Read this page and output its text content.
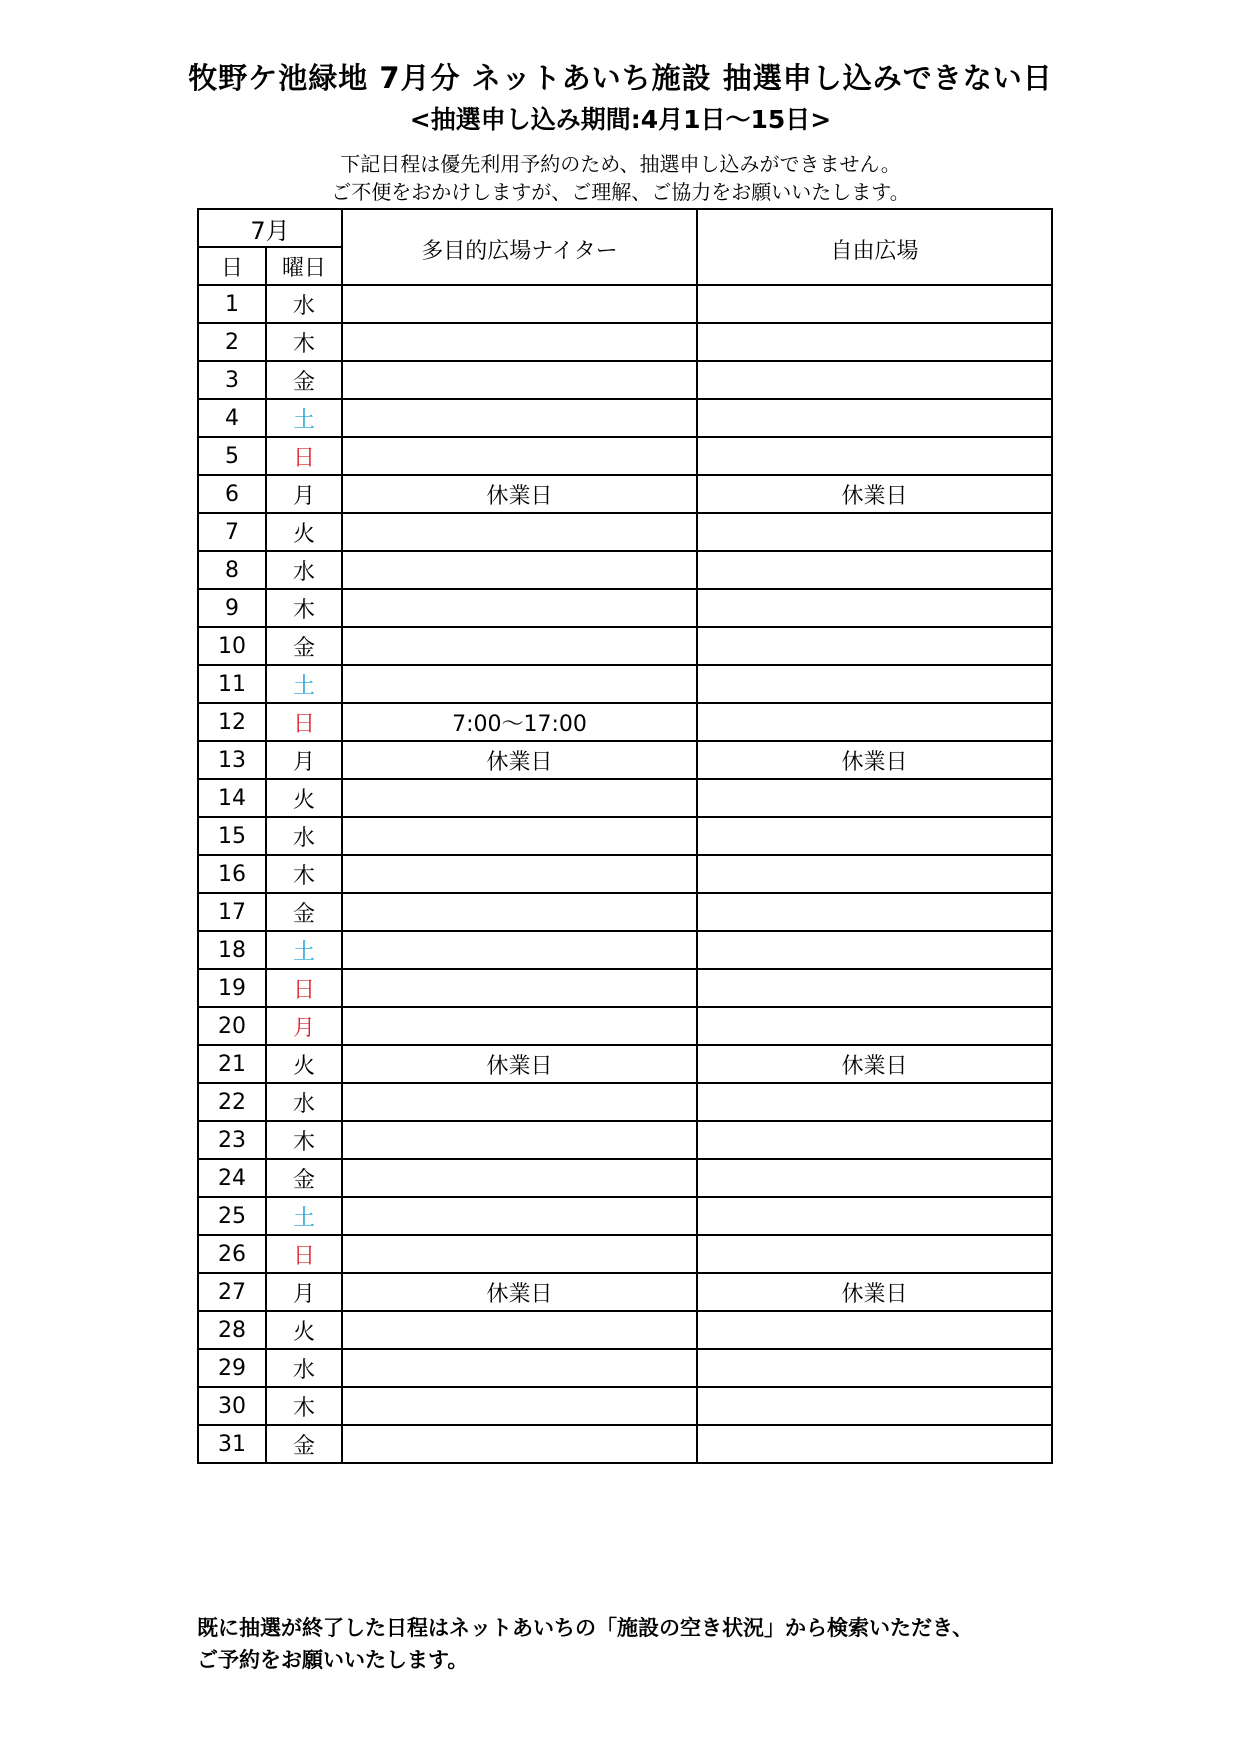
牧野ケ池緑地 7月分 ネットあいち施設 抽選申し込みできない日
<抽選申し込み期間:4月1日～15日>
下記日程は優先利用予約のため、抽選申し込みができません。
ご不便をおかけしますが、ご理解、ご協力をお願いいたします。
7月		多目的広場ナイター	自由広場
日	曜日		
1	水		
2	木		
3	金		
4	土		
5	日		
6	月	休業日	休業日
7	火		
8	水		
9	木		
10	金		
11	土		
12	日	7:00～17:00	
13	月	休業日	休業日
14	火		
15	水		
16	木		
17	金		
18	土		
19	日		
20	月		
21	火	休業日	休業日
22	水		
23	木		
24	金		
25	土		
26	日		
27	月	休業日	休業日
28	火		
29	水		
30	木		
31	金		
既に抽選が終了した日程はネットあいちの「施設の空き状況」から検索いただき、
ご予約をお願いいたします。
